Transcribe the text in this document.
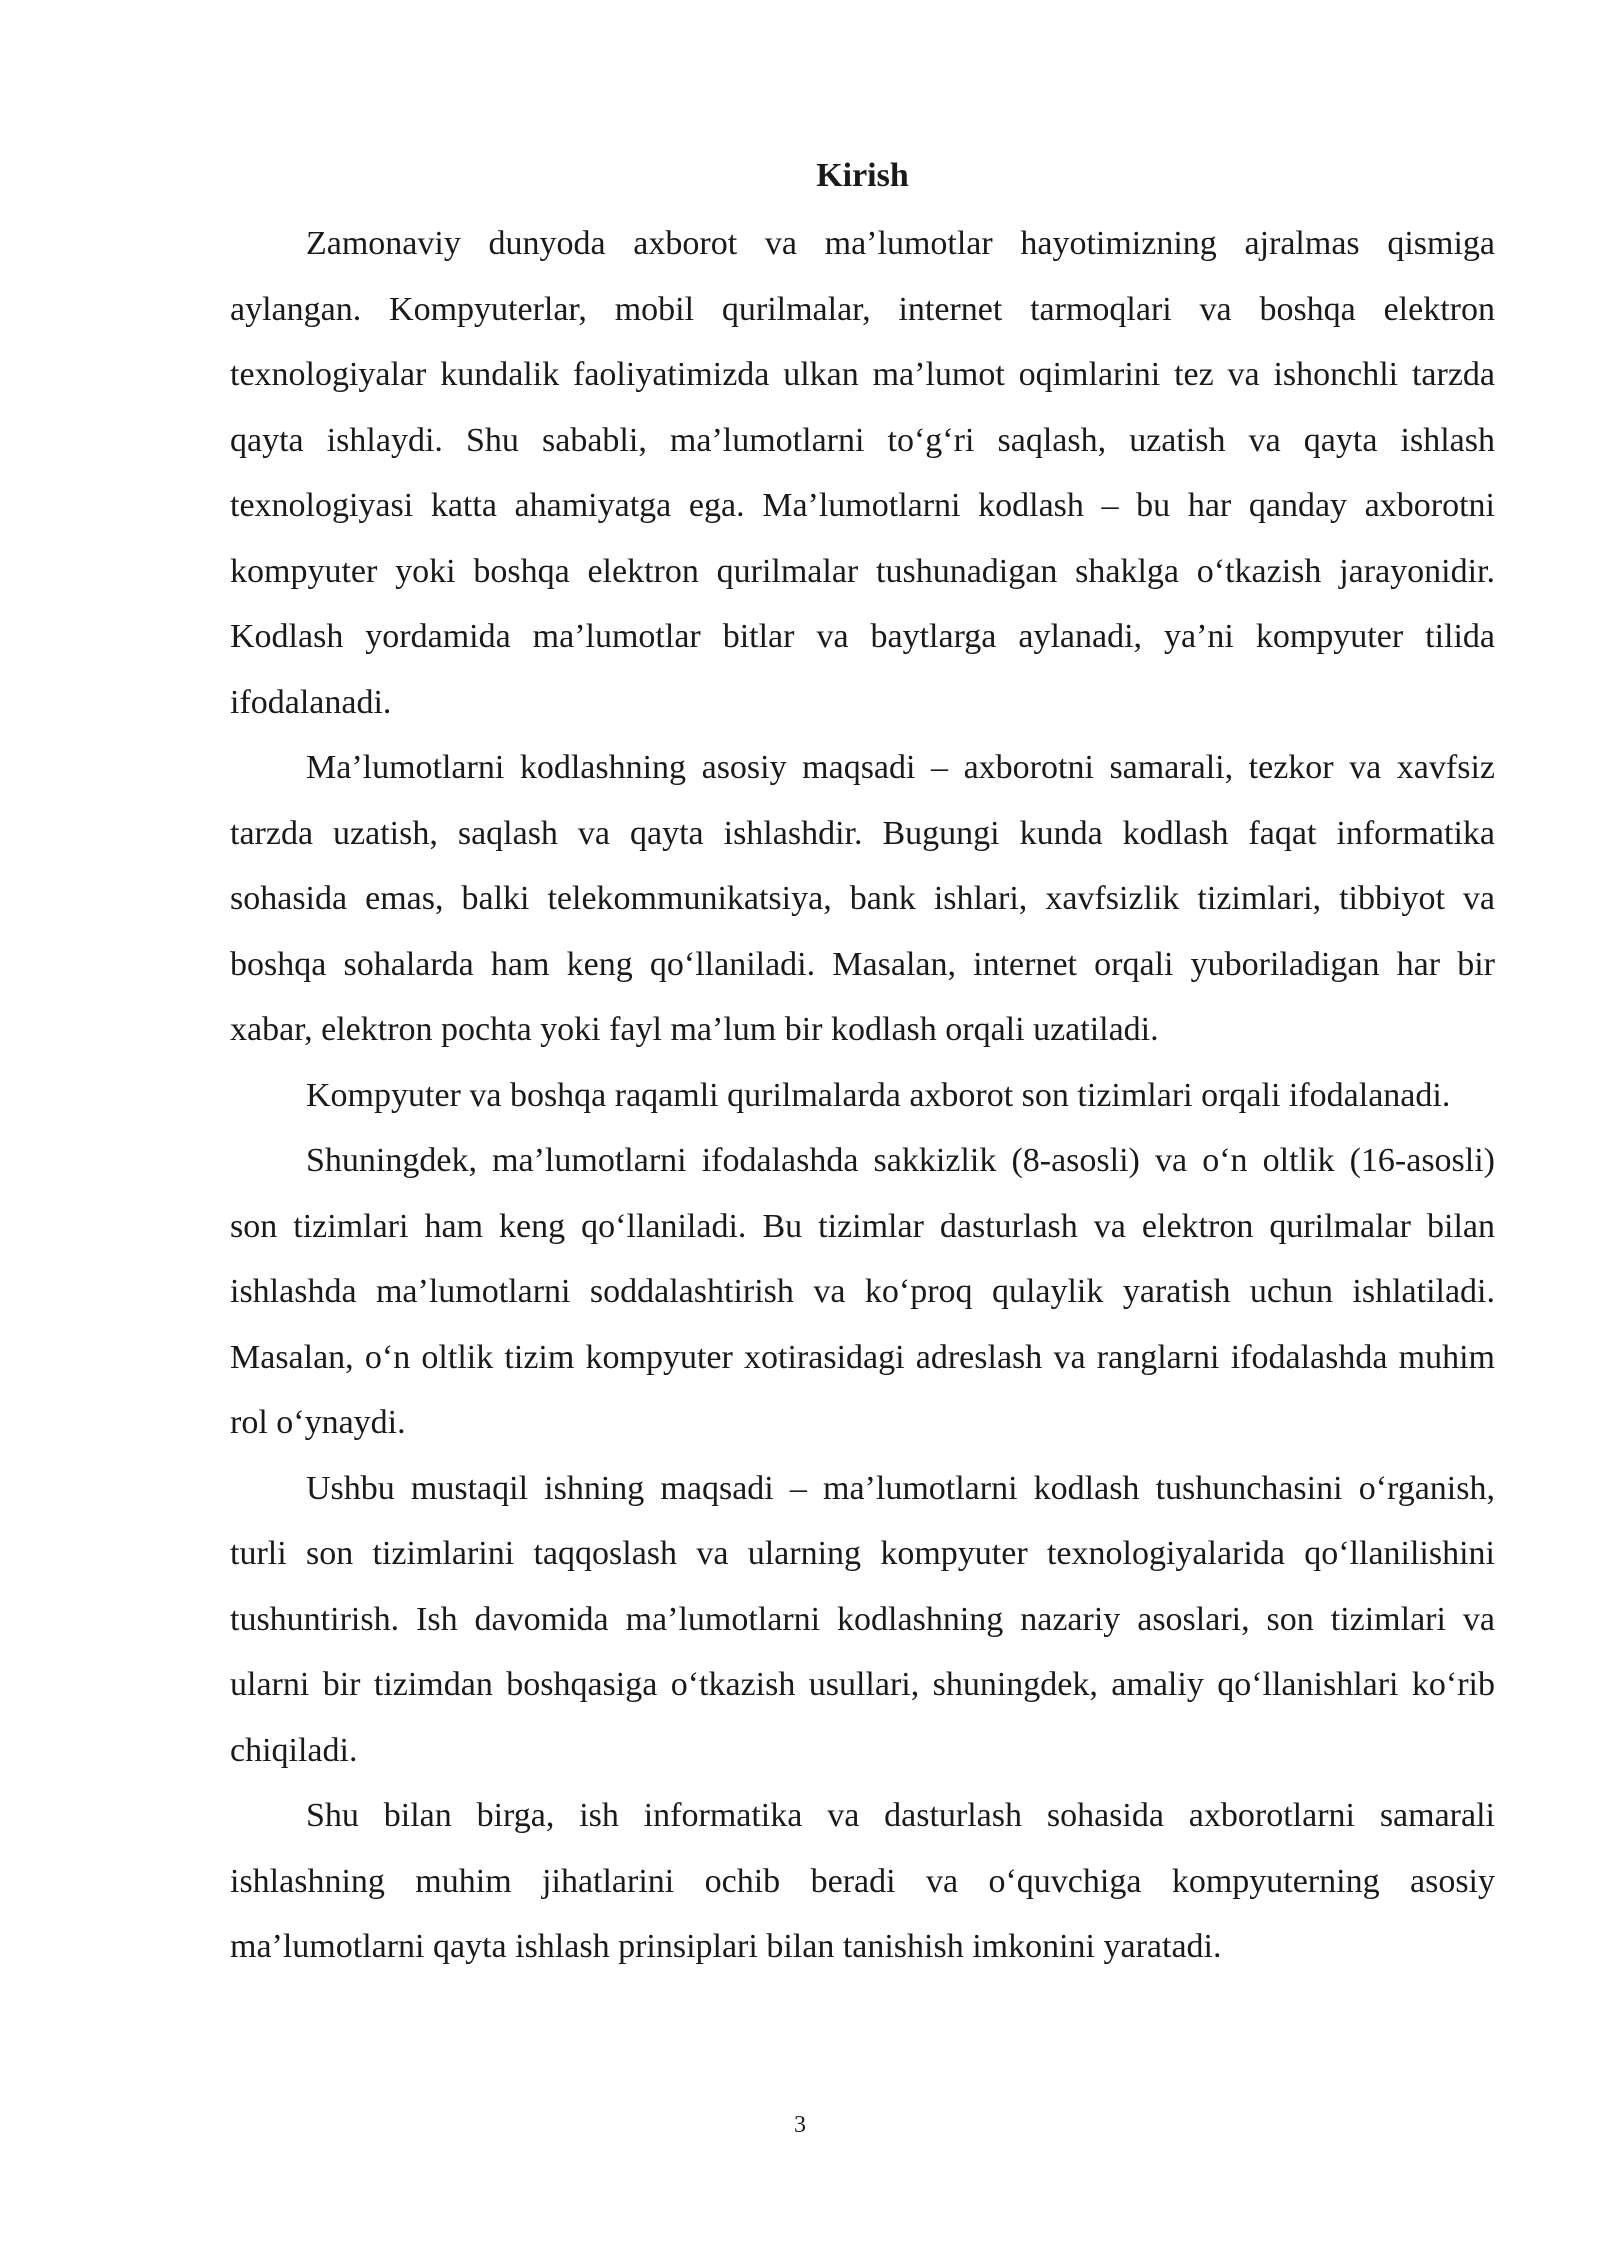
Kirish

Zamonaviy dunyoda axborot va ma’lumotlar hayotimizning ajralmas qismiga aylangan. Kompyuterlar, mobil qurilmalar, internet tarmoqlari va boshqa elektron texnologiyalar kundalik faoliyatimizda ulkan ma’lumot oqimlarini tez va ishonchli tarzda qayta ishlaydi. Shu sababli, ma’lumotlarni to‘g‘ri saqlash, uzatish va qayta ishlash texnologiyasi katta ahamiyatga ega. Ma’lumotlarni kodlash – bu har qanday axborotni kompyuter yoki boshqa elektron qurilmalar tushunadigan shaklga o‘tkazish jarayonidir. Kodlash yordamida ma’lumotlar bitlar va baytlarga aylanadi, ya’ni kompyuter tilida ifodalanadi.

Ma’lumotlarni kodlashning asosiy maqsadi – axborotni samarali, tezkor va xavfsiz tarzda uzatish, saqlash va qayta ishlashdir. Bugungi kunda kodlash faqat informatika sohasida emas, balki telekommunikatsiya, bank ishlari, xavfsizlik tizimlari, tibbiyot va boshqa sohalarda ham keng qo‘llaniladi. Masalan, internet orqali yuboriladigan har bir xabar, elektron pochta yoki fayl ma’lum bir kodlash orqali uzatiladi.

Kompyuter va boshqa raqamli qurilmalarda axborot son tizimlari orqali ifodalanadi.

Shuningdek, ma’lumotlarni ifodalashda sakkizlik (8-asosli) va o‘n oltlik (16-asosli) son tizimlari ham keng qo‘llaniladi. Bu tizimlar dasturlash va elektron qurilmalar bilan ishlashda ma’lumotlarni soddalashtirish va ko‘proq qulaylik yaratish uchun ishlatiladi. Masalan, o‘n oltlik tizim kompyuter xotirasidagi adreslash va ranglarni ifodalashda muhim rol o‘ynaydi.

Ushbu mustaqil ishning maqsadi – ma’lumotlarni kodlash tushunchasini o‘rganish, turli son tizimlarini taqqoslash va ularning kompyuter texnologiyalarida qo‘llanilishini tushuntirish. Ish davomida ma’lumotlarni kodlashning nazariy asoslari, son tizimlari va ularni bir tizimdan boshqasiga o‘tkazish usullari, shuningdek, amaliy qo‘llanishlari ko‘rib chiqiladi.

Shu bilan birga, ish informatika va dasturlash sohasida axborotlarni samarali ishlashning muhim jihatlarini ochib beradi va o‘quvchiga kompyuterning asosiy ma’lumotlarni qayta ishlash prinsiplari bilan tanishish imkonini yaratadi.

3
